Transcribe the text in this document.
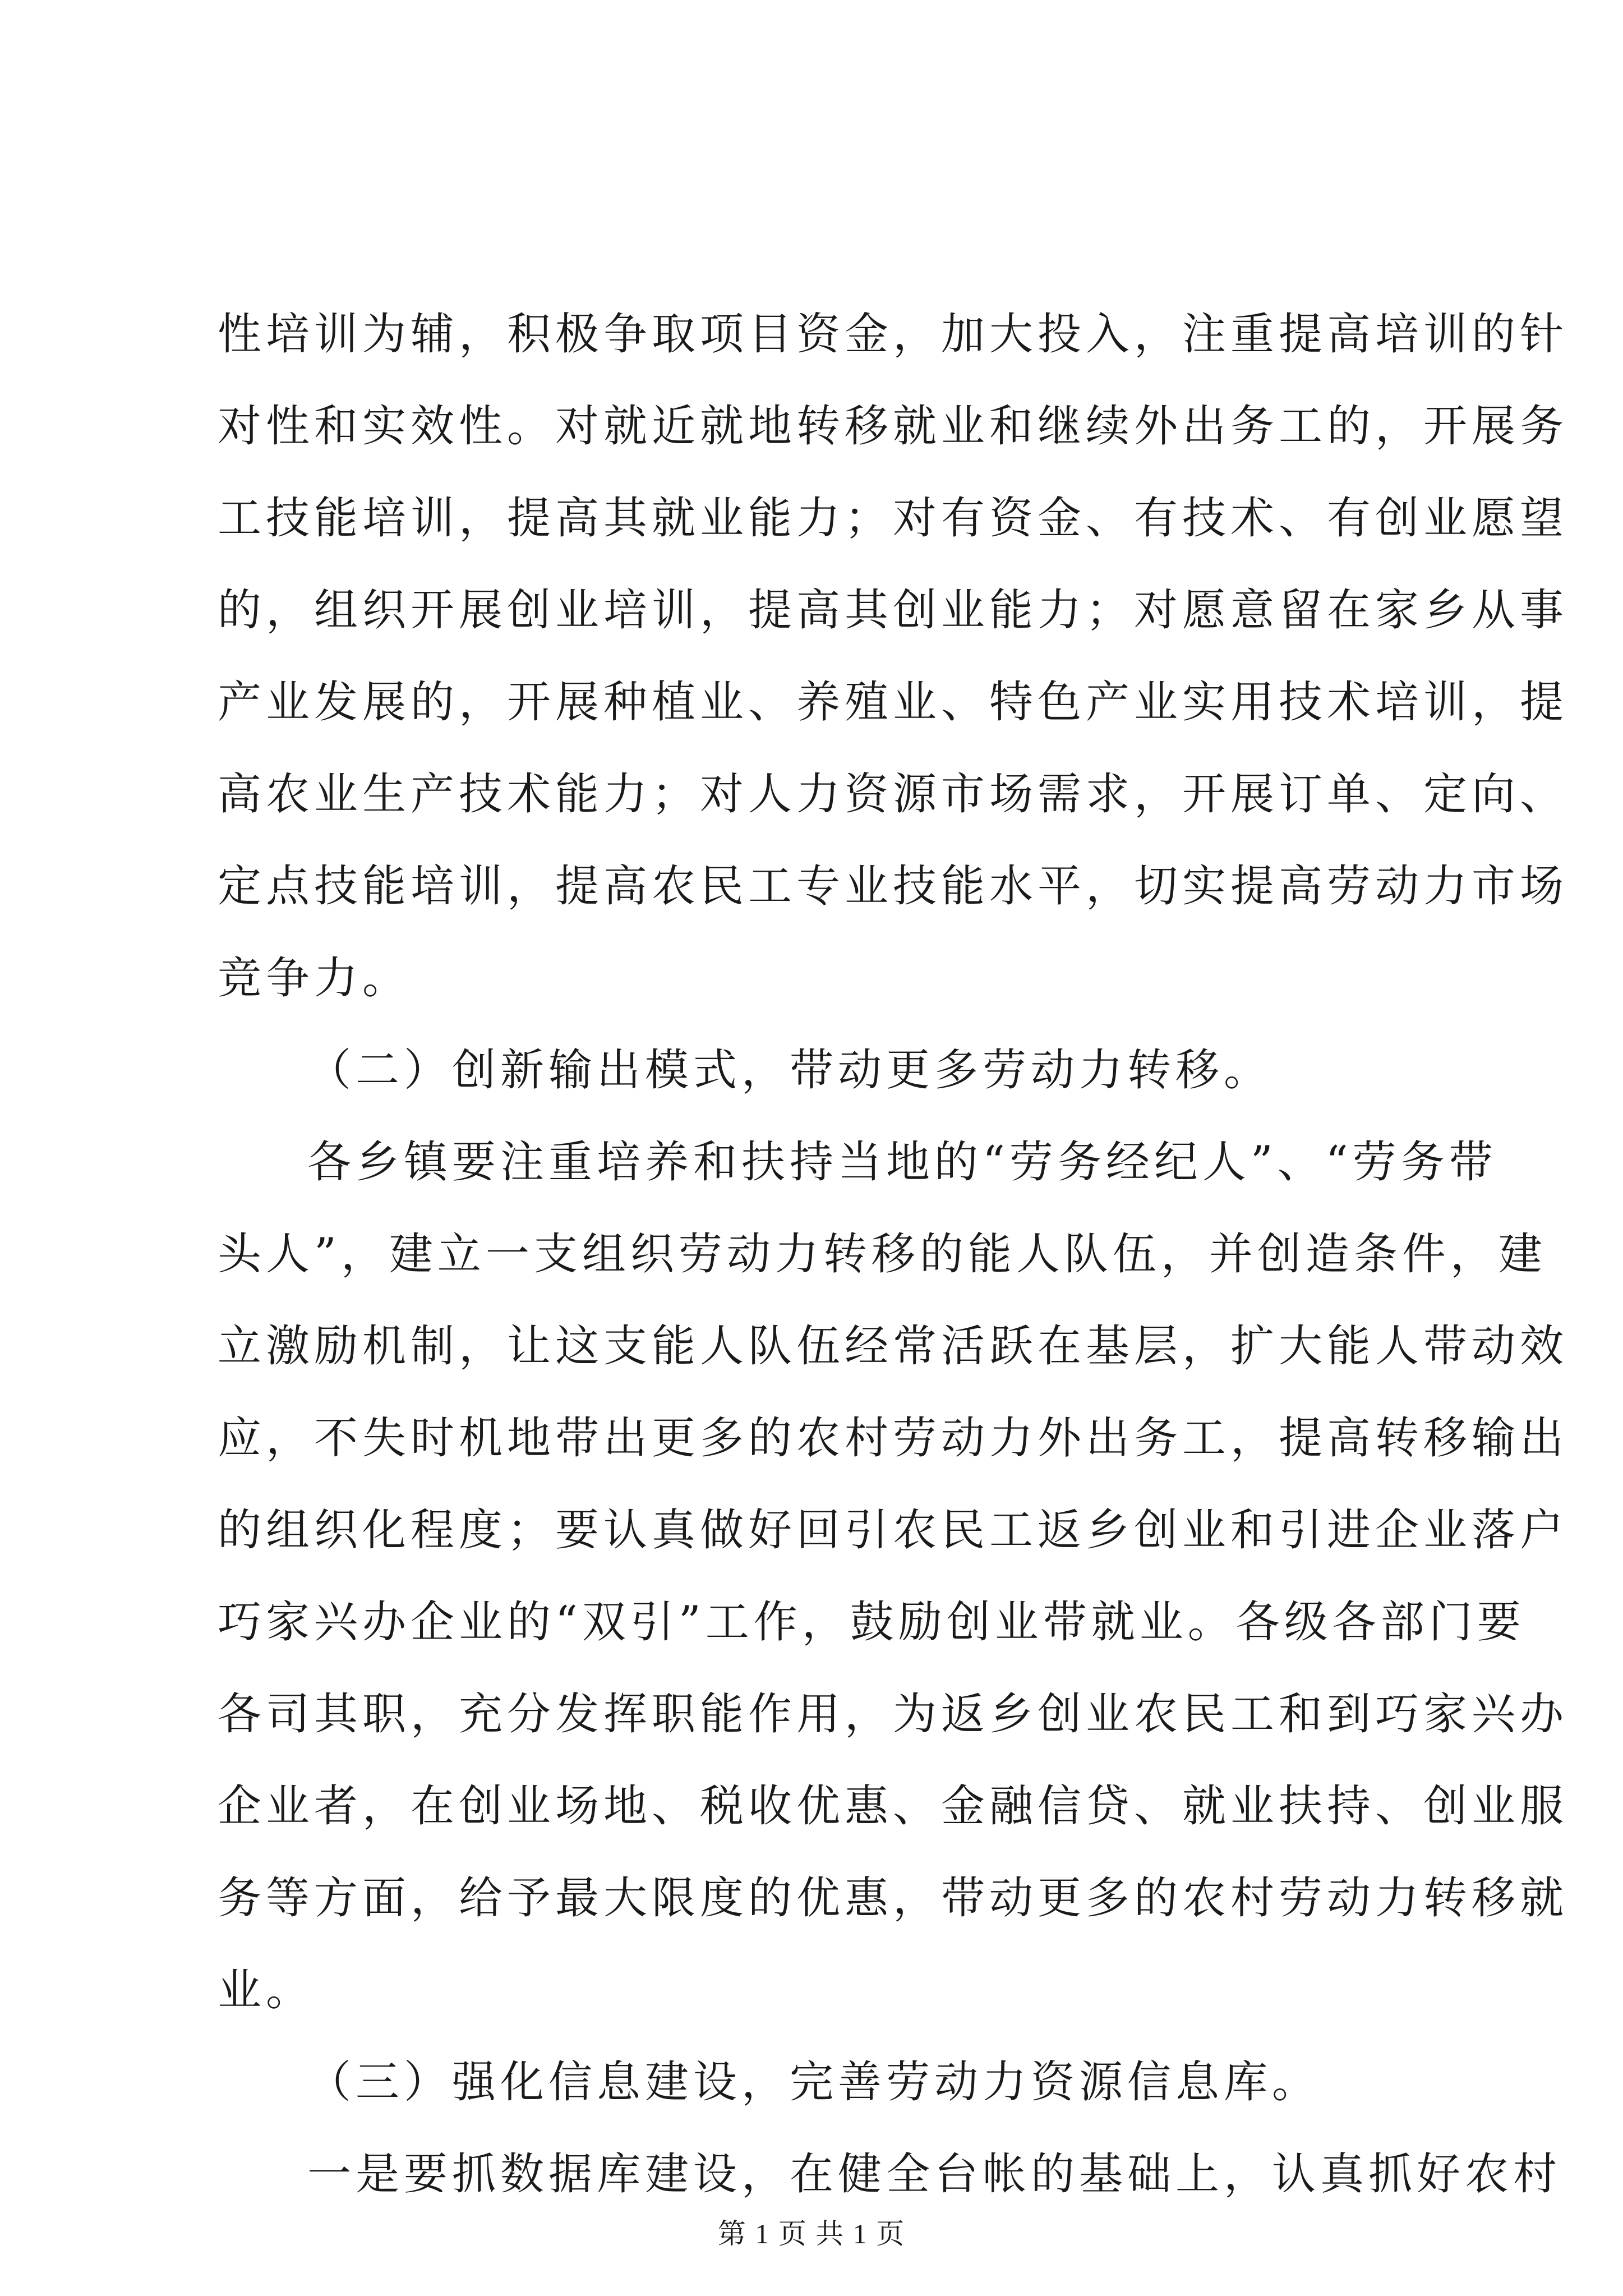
性培训为辅，积极争取项目资金，加大投入，注重提高培训的针
对性和实效性。对就近就地转移就业和继续外出务工的，开展务
工技能培训，提高其就业能力；对有资金、有技术、有创业愿望
的，组织开展创业培训，提高其创业能力；对愿意留在家乡从事
产业发展的，开展种植业、养殖业、特色产业实用技术培训，提
高农业生产技术能力；对人力资源市场需求，开展订单、定向、
定点技能培训，提高农民工专业技能水平，切实提高劳动力市场
竞争力。
（二）创新输出模式，带动更多劳动力转移。
各乡镇要注重培养和扶持当地的“劳务经纪人”、“劳务带
头人”，建立一支组织劳动力转移的能人队伍，并创造条件，建
立激励机制，让这支能人队伍经常活跃在基层，扩大能人带动效
应，不失时机地带出更多的农村劳动力外出务工，提高转移输出
的组织化程度；要认真做好回引农民工返乡创业和引进企业落户
巧家兴办企业的“双引”工作，鼓励创业带就业。各级各部门要
各司其职，充分发挥职能作用，为返乡创业农民工和到巧家兴办
企业者，在创业场地、税收优惠、金融信贷、就业扶持、创业服
务等方面，给予最大限度的优惠，带动更多的农村劳动力转移就
业。
（三）强化信息建设，完善劳动力资源信息库。
一是要抓数据库建设，在健全台帐的基础上，认真抓好农村
第 1 页 共 1 页
